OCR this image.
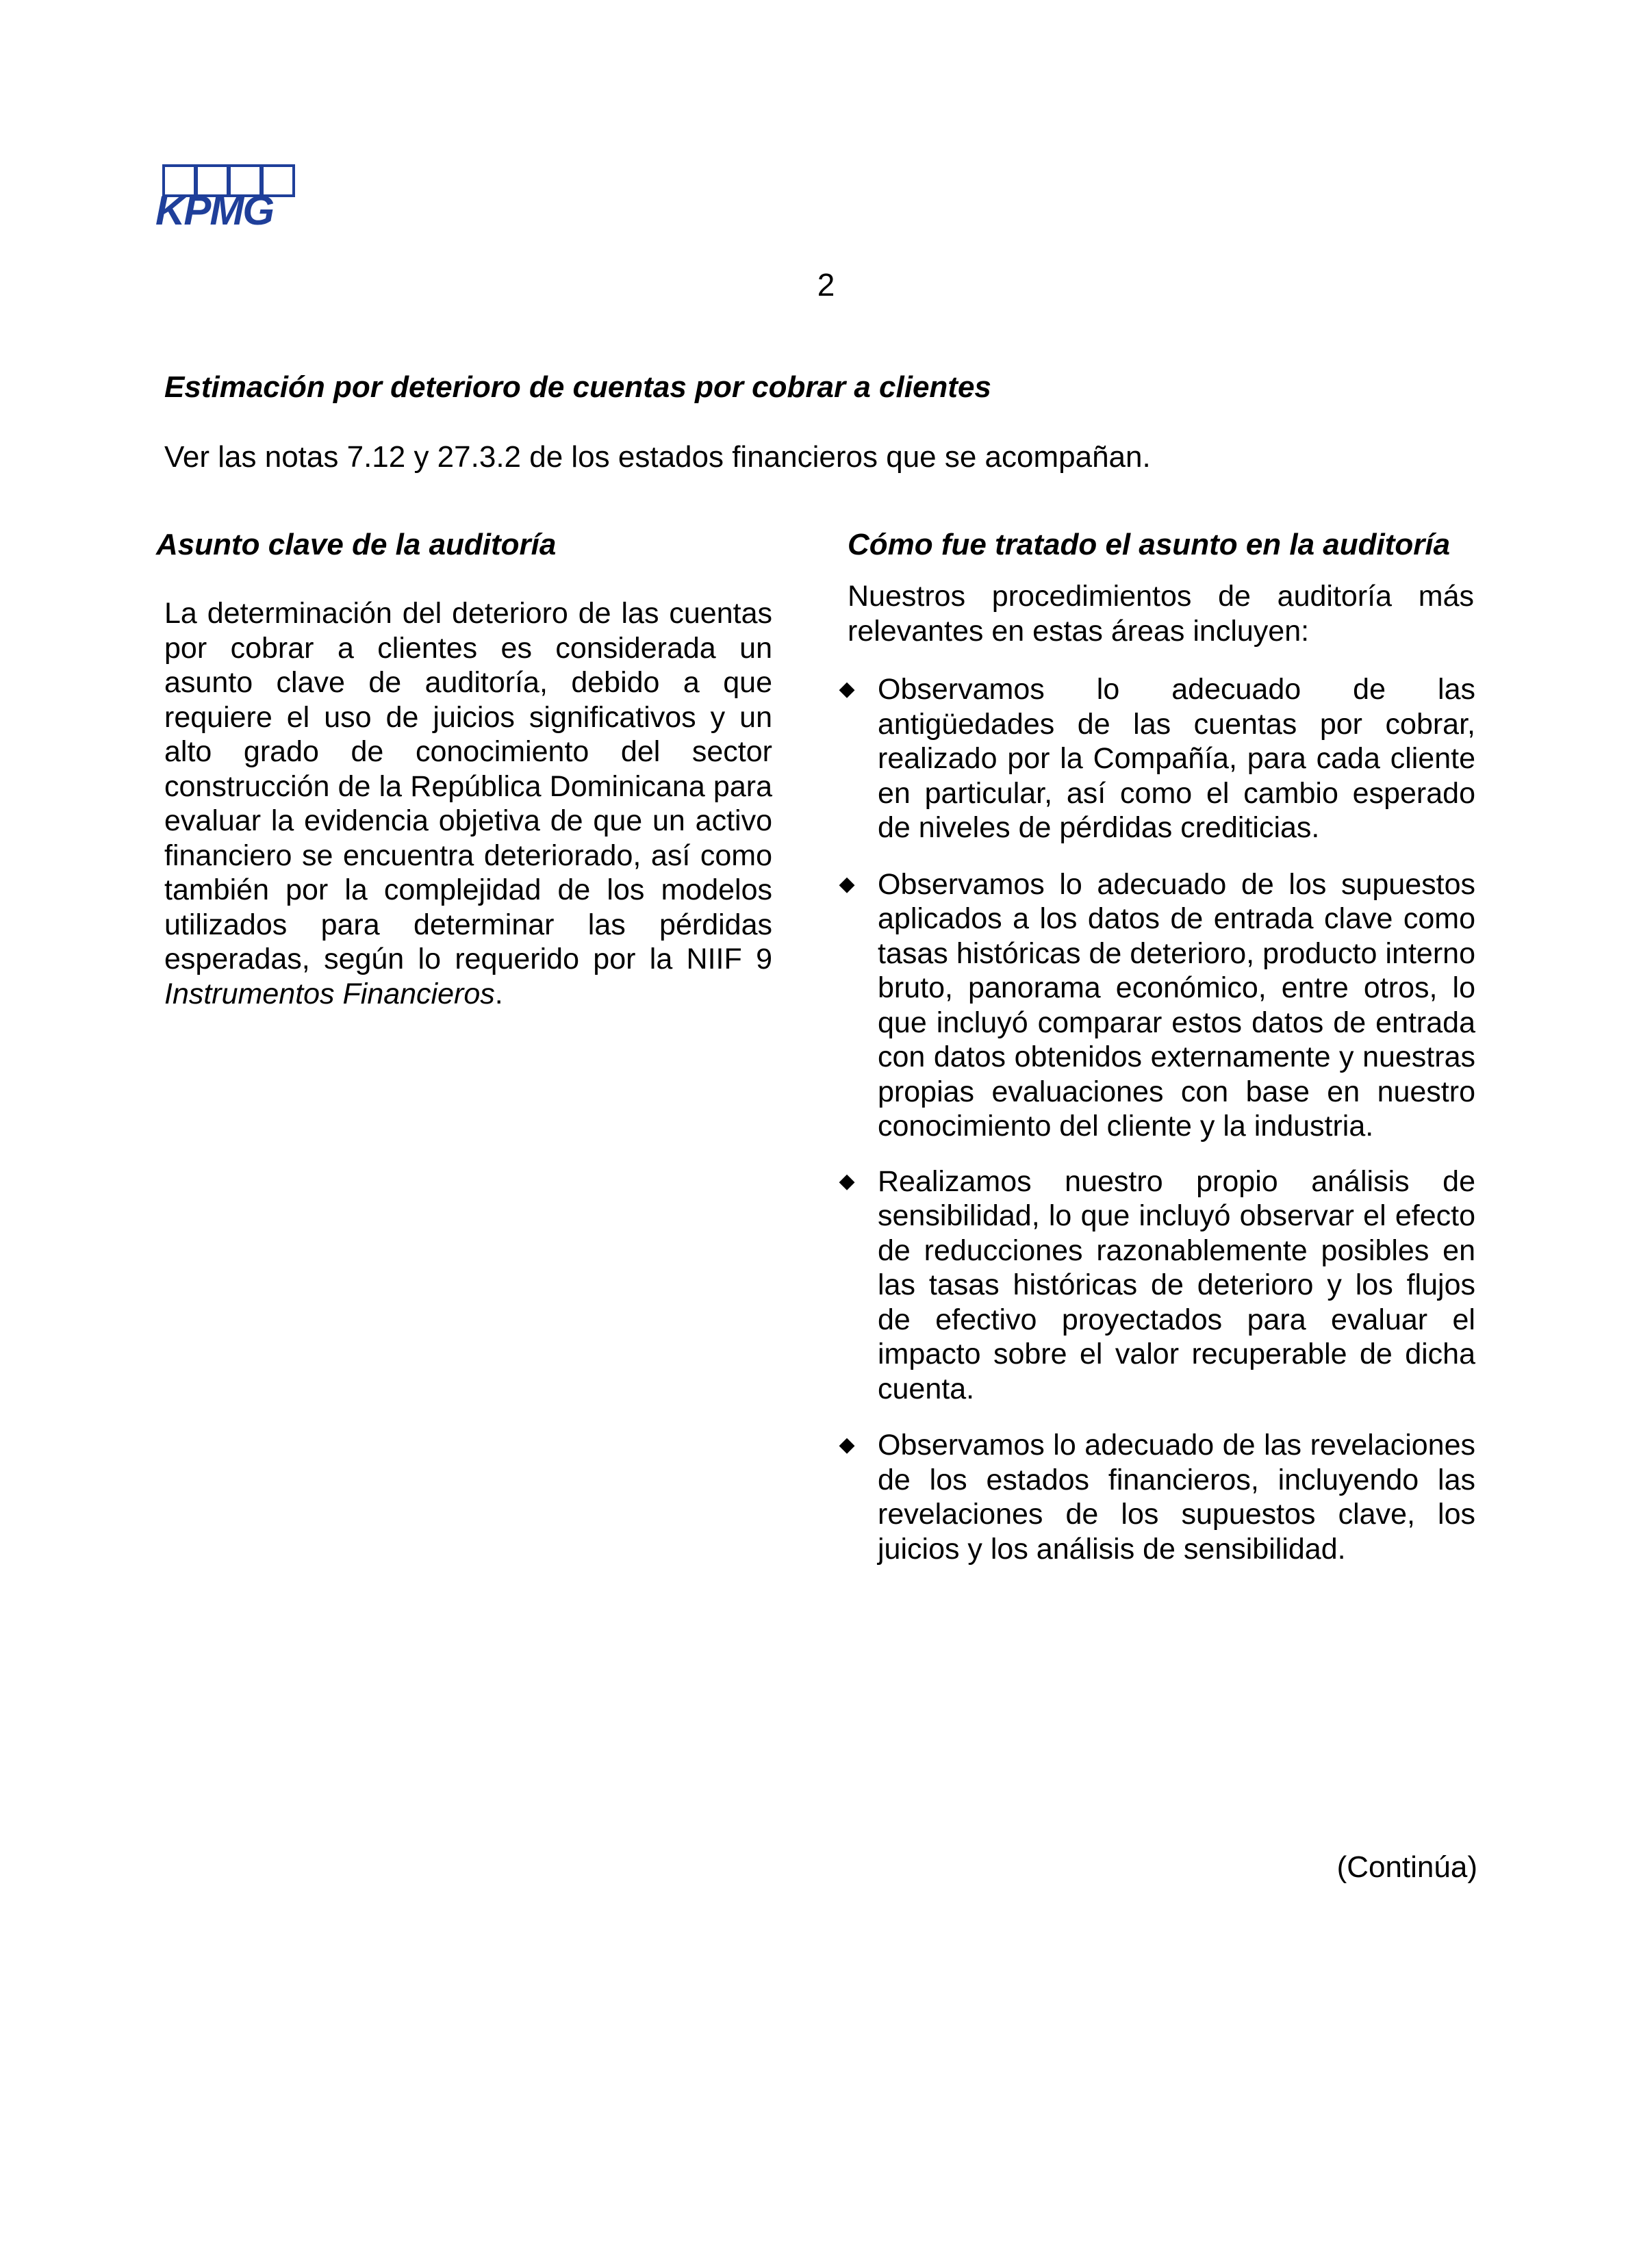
KPMG
2
Estimación por deterioro de cuentas por cobrar a clientes
Ver las notas 7.12 y 27.3.2 de los estados financieros que se acompañan.
Asunto clave de la auditoría	Cómo fue tratado el asunto en la auditoría

La determinación del deterioro de las cuentas por cobrar a clientes es considerada un asunto clave de auditoría, debido a que requiere el uso de juicios significativos y un alto grado de conocimiento del sector construcción de la República Dominicana para evaluar la evidencia objetiva de que un activo financiero se encuentra deteriorado, así como también por la complejidad de los modelos utilizados para determinar las pérdidas esperadas, según lo requerido por la NIIF 9 Instrumentos Financieros.

Nuestros procedimientos de auditoría más relevantes en estas áreas incluyen:

◆ Observamos lo adecuado de las antigüedades de las cuentas por cobrar, realizado por la Compañía, para cada cliente en particular, así como el cambio esperado de niveles de pérdidas crediticias.
◆ Observamos lo adecuado de los supuestos aplicados a los datos de entrada clave como tasas históricas de deterioro, producto interno bruto, panorama económico, entre otros, lo que incluyó comparar estos datos de entrada con datos obtenidos externamente y nuestras propias evaluaciones con base en nuestro conocimiento del cliente y la industria.
◆ Realizamos nuestro propio análisis de sensibilidad, lo que incluyó observar el efecto de reducciones razonablemente posibles en las tasas históricas de deterioro y los flujos de efectivo proyectados para evaluar el impacto sobre el valor recuperable de dicha cuenta.
◆ Observamos lo adecuado de las revelaciones de los estados financieros, incluyendo las revelaciones de los supuestos clave, los juicios y los análisis de sensibilidad.
(Continúa)
